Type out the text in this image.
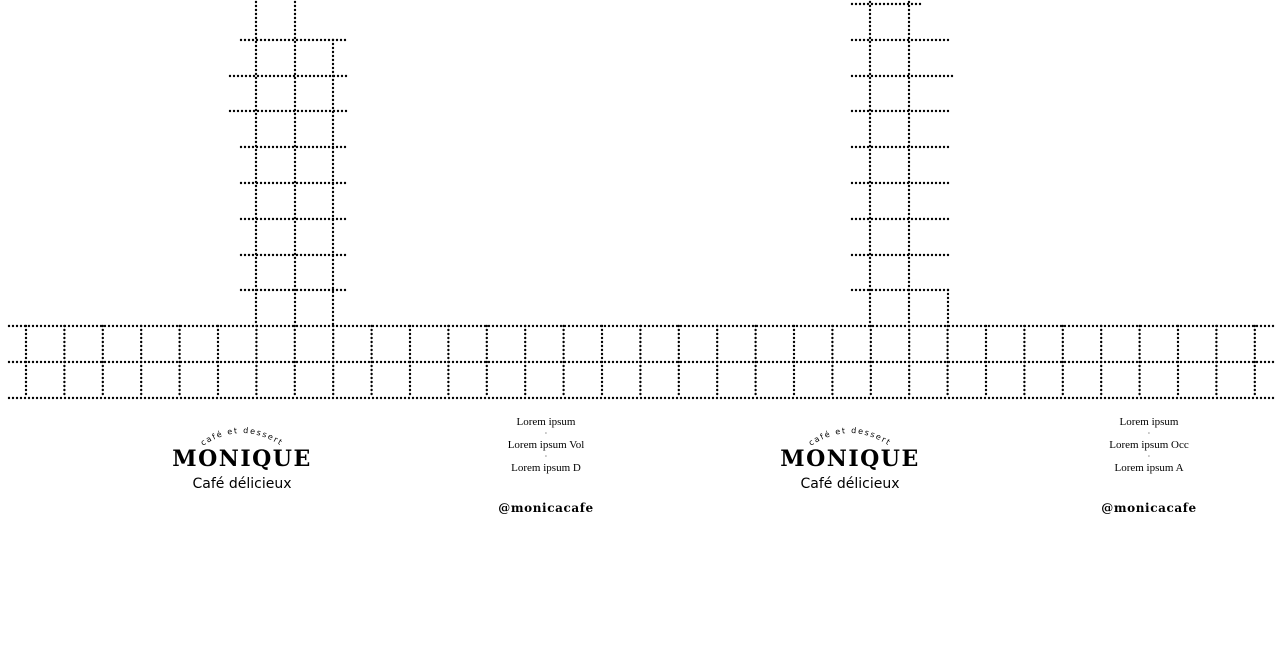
café et dessert
MONIQUE
Café délicieux
Lorem ipsum
·
Lorem ipsum Vol
·
Lorem ipsum D
@monicacafe
café et dessert
MONIQUE
Café délicieux
Lorem ipsum
·
Lorem ipsum Occ
·
Lorem ipsum A
@monicacafe
